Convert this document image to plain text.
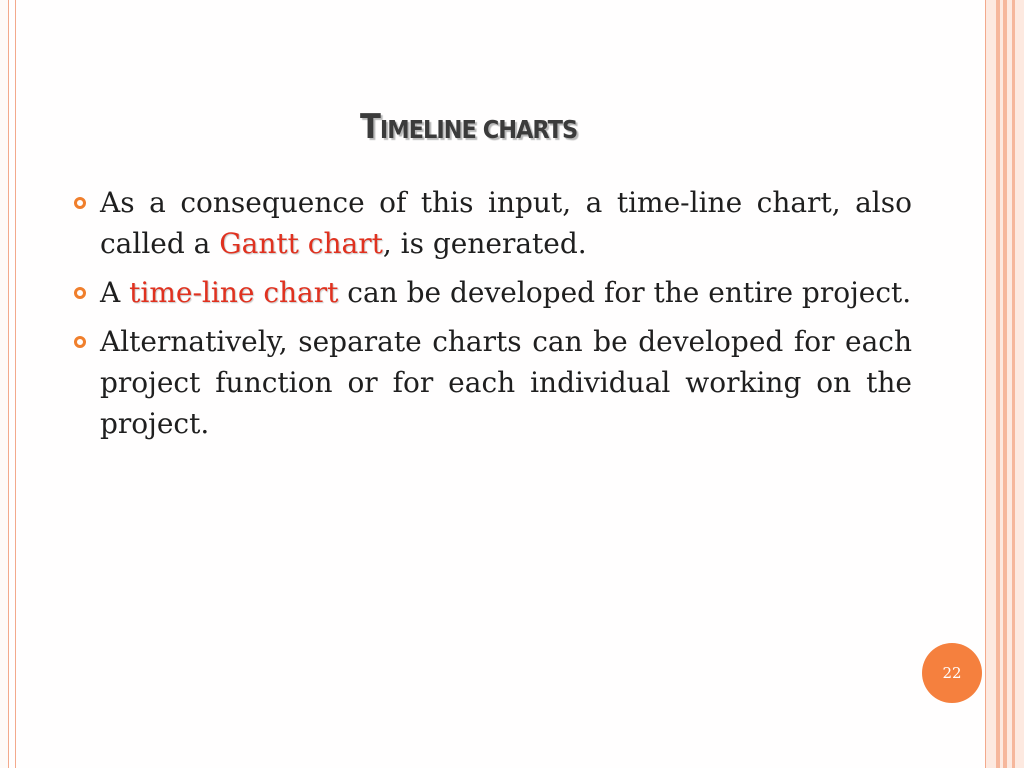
TIMELINE CHARTS
As a consequence of this input, a time-line chart, also called a Gantt chart, is generated.
A time-line chart can be developed for the entire project.
Alternatively, separate charts can be developed for each project function or for each individual working on the project.
22
